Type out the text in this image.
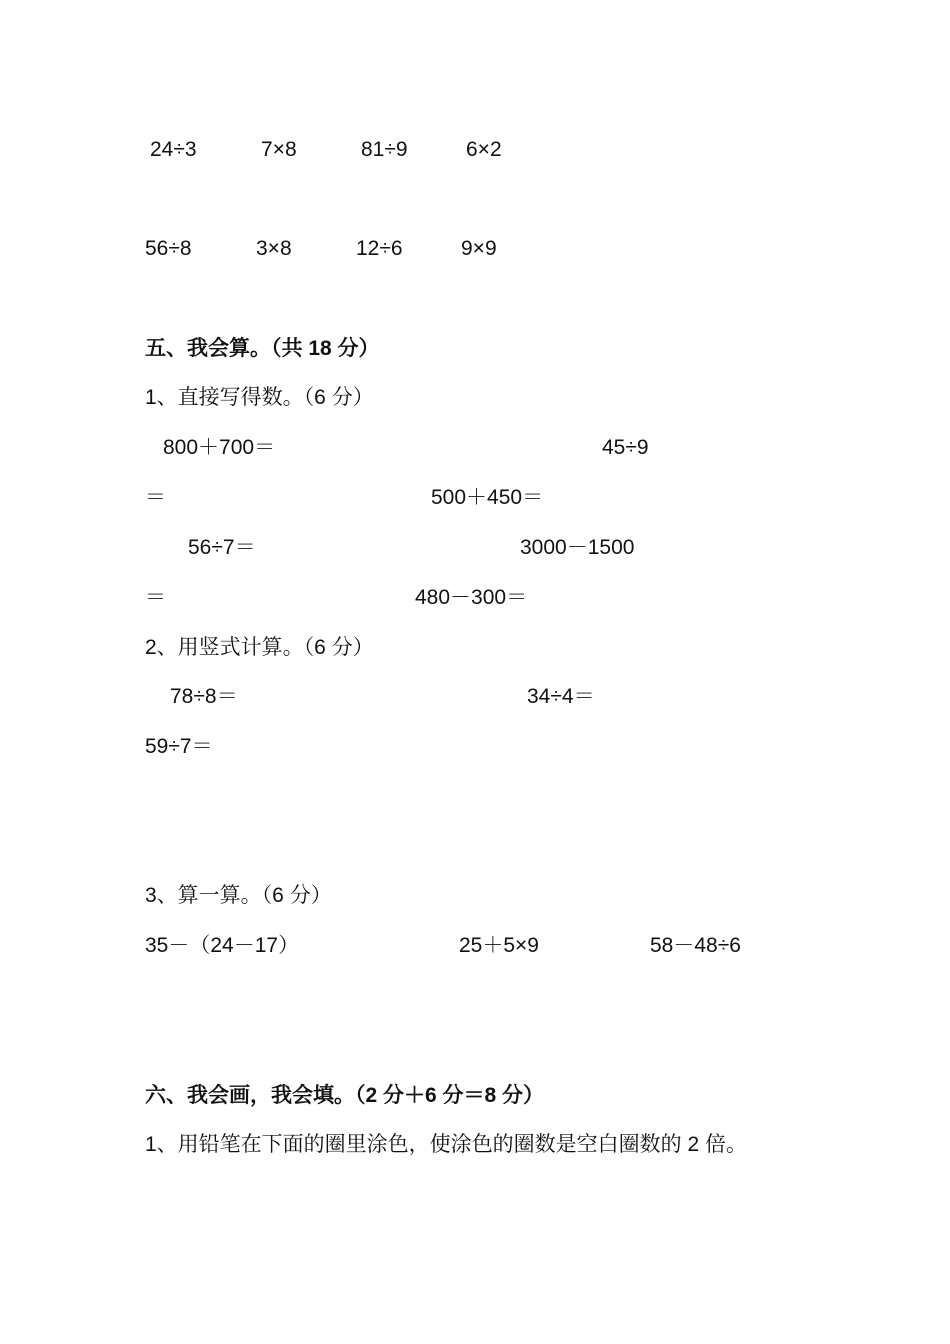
24÷3	7×8	81÷9	6×2
56÷8	3×8	12÷6	9×9
五、我会算。（共 18 分）
1、直接写得数。（6 分）
800＋700＝	45÷9
＝	500＋450＝
56÷7＝	3000－1500
＝	480－300＝
2、用竖式计算。（6 分）
78÷8＝	34÷4＝
59÷7＝
3、算一算。（6 分）
35－（24－17）	25＋5×9	58－48÷6
六、我会画，我会填。（2 分＋6 分＝8 分）
1、用铅笔在下面的圈里涂色，使涂色的圈数是空白圈数的 2 倍。
